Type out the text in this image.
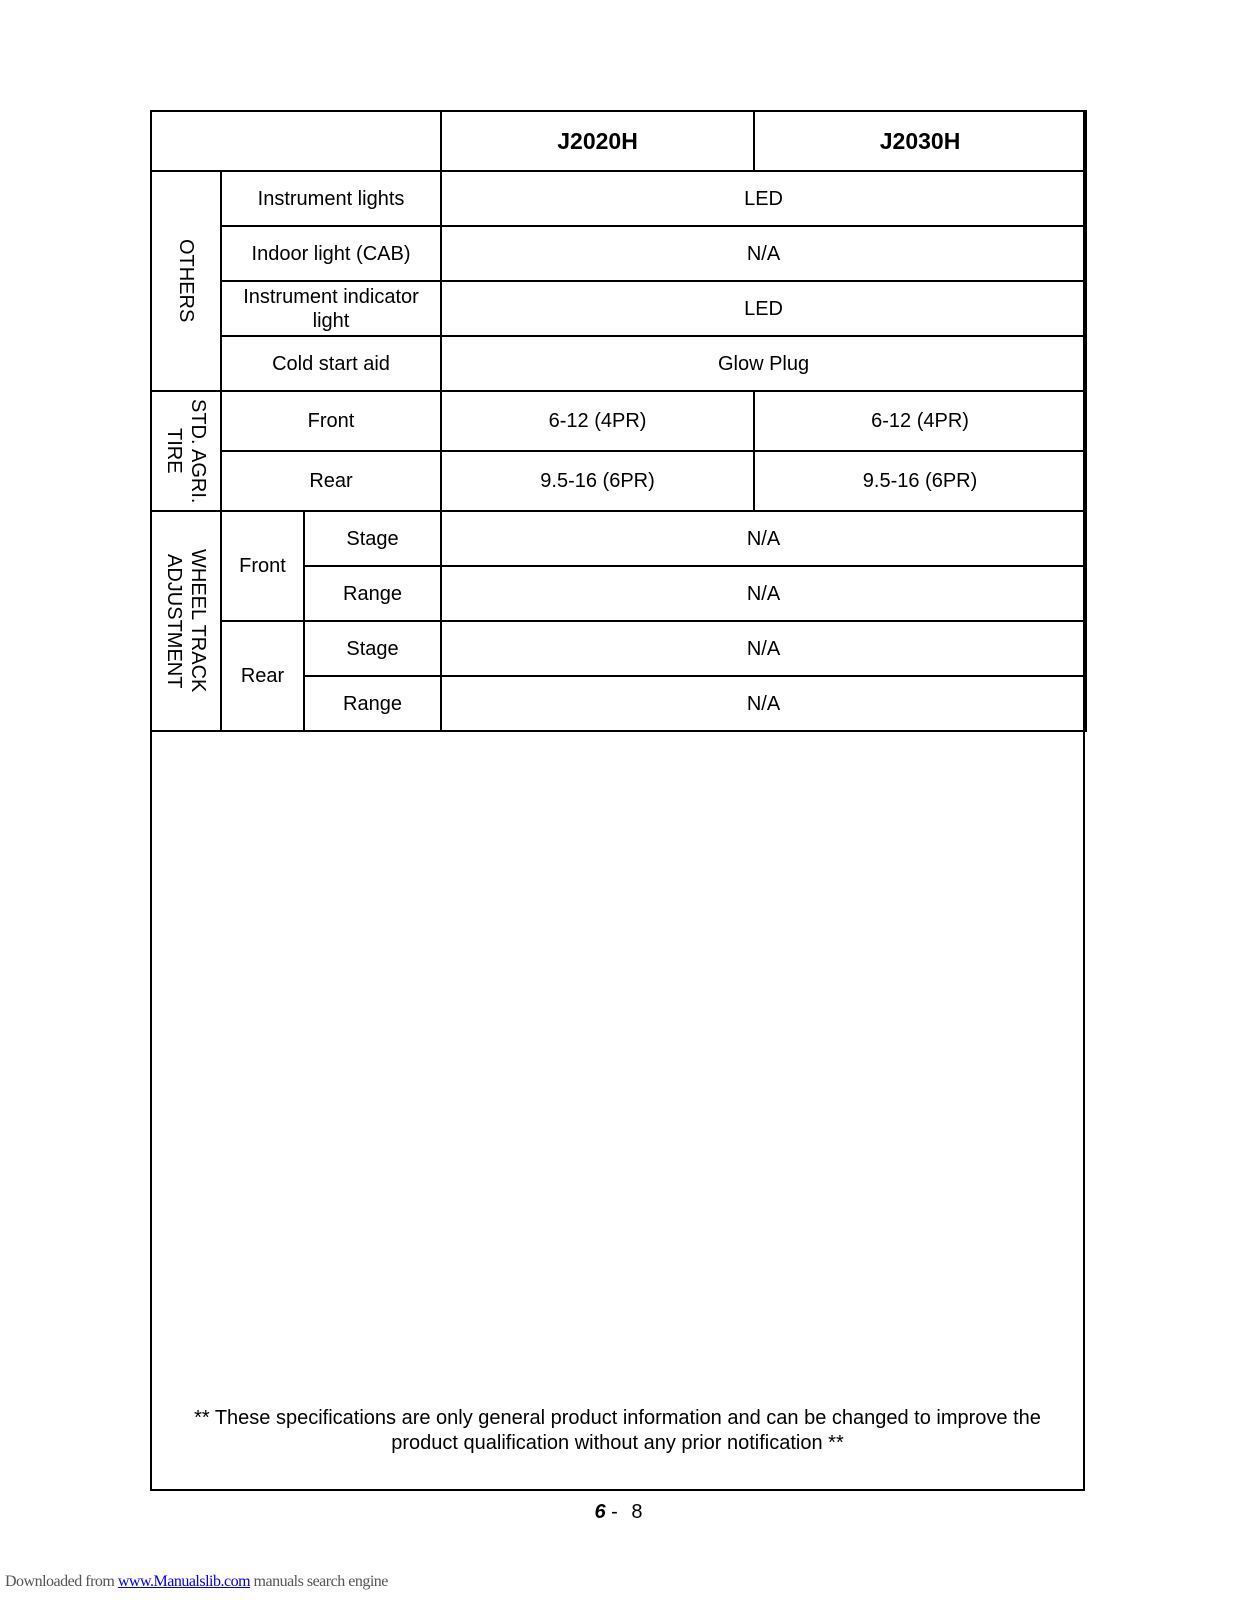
			J2020H	J2030H

OTHERS	Instrument lights		LED	
	Indoor light (CAB)		N/A	
	Instrument indicator light		LED	
	Cold start aid		Glow Plug	

STD. AGRI.
TIRE	Front		6-12 (4PR)	6-12 (4PR)
	Rear		9.5-16 (6PR)	9.5-16 (6PR)

WHEEL TRACK
ADJUSTMENT	Front	Stage	N/A	
		Range	N/A	
	Rear	Stage	N/A	
		Range	N/A	
** These specifications are only general product information and can be changed to improve the
product qualification without any prior notification **
6 - 8
Downloaded from www.Manualslib.com manuals search engine
